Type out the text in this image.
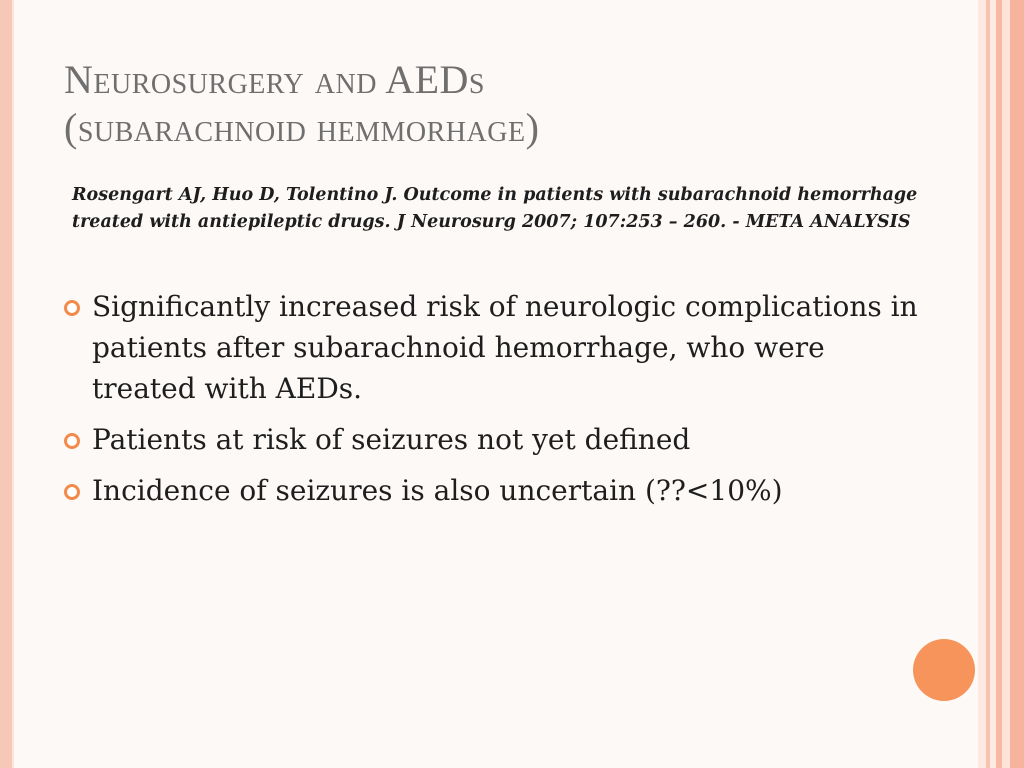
Neurosurgery and AEDs
(subarachnoid hemmorhage)
Rosengart AJ, Huo D, Tolentino J. Outcome in patients with subarachnoid hemorrhage treated with antiepileptic drugs. J Neurosurg 2007; 107:253 – 260. - META ANALYSIS
Significantly increased risk of neurologic complications in patients after subarachnoid hemorrhage, who were treated with AEDs.
Patients at risk of seizures not yet defined
Incidence of seizures is also uncertain (??<10%)
